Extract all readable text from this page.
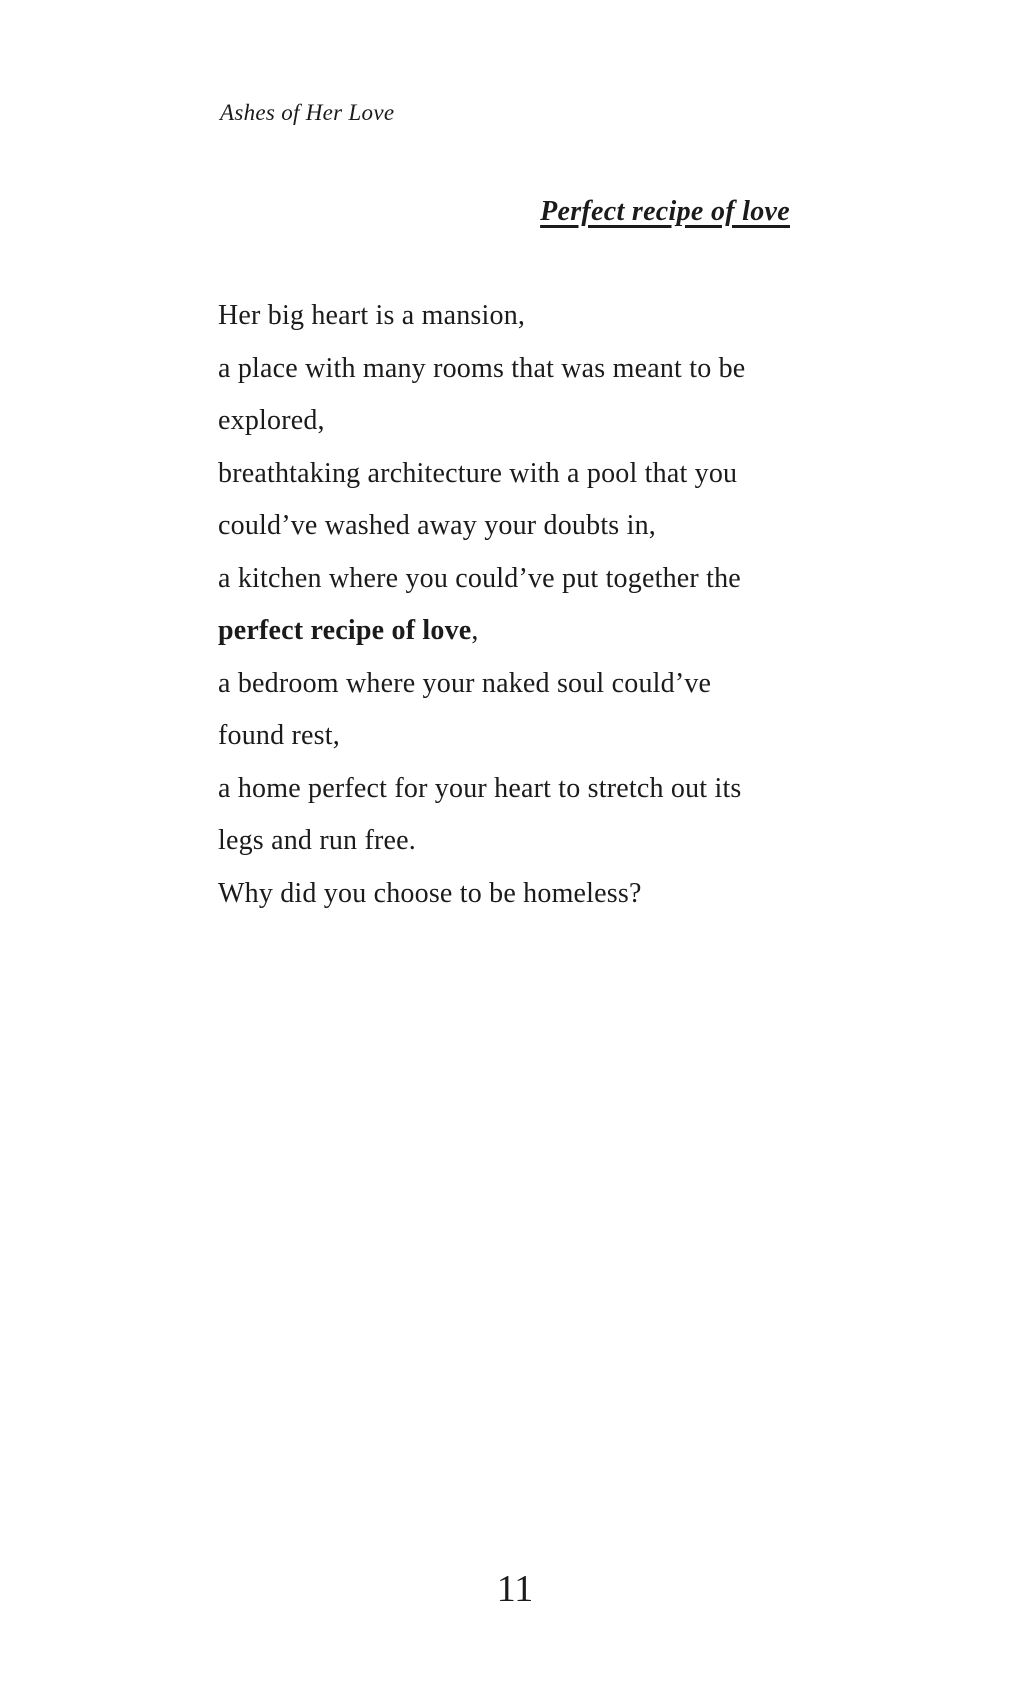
Ashes of Her Love
Perfect recipe of love
Her big heart is a mansion,
a place with many rooms that was meant to be
explored,
breathtaking architecture with a pool that you
could’ve washed away your doubts in,
a kitchen where you could’ve put together the
perfect recipe of love,
a bedroom where your naked soul could’ve
found rest,
a home perfect for your heart to stretch out its
legs and run free.
Why did you choose to be homeless?
11
